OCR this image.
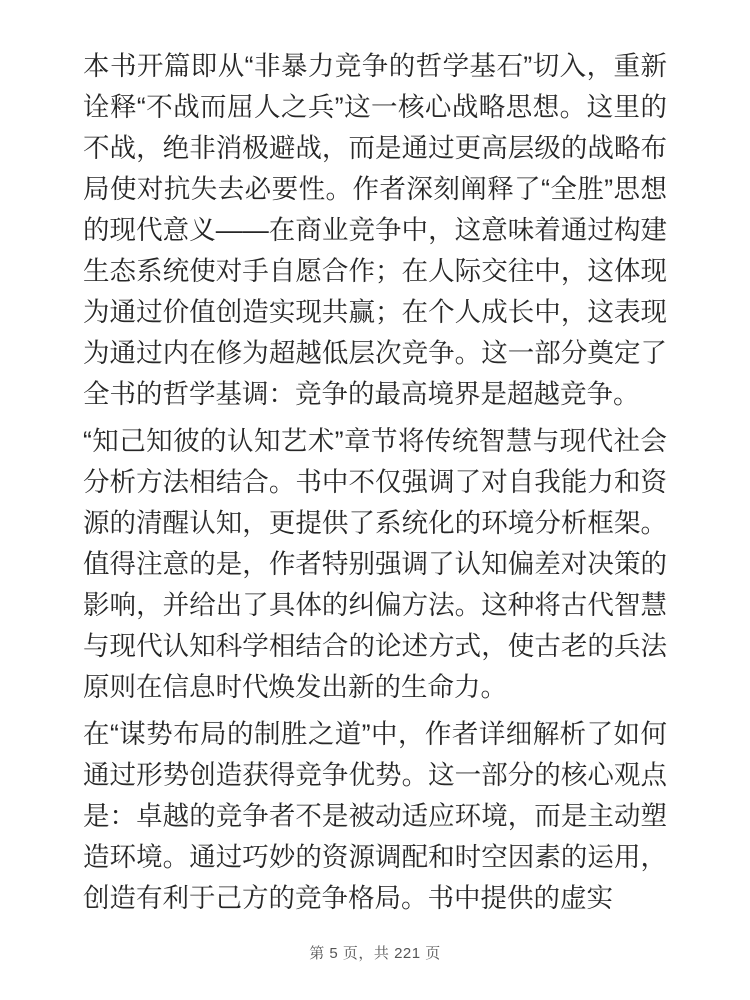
本书开篇即从“非暴力竞争的哲学基石”切入，重新诠释“不战而屈人之兵”这一核心战略思想。这里的不战，绝非消极避战，而是通过更高层级的战略布局使对抗失去必要性。作者深刻阐释了“全胜”思想的现代意义——在商业竞争中，这意味着通过构建生态系统使对手自愿合作；在人际交往中，这体现为通过价值创造实现共赢；在个人成长中，这表现为通过内在修为超越低层次竞争。这一部分奠定了全书的哲学基调：竞争的最高境界是超越竞争。

“知己知彼的认知艺术”章节将传统智慧与现代社会分析方法相结合。书中不仅强调了对自我能力和资源的清醒认知，更提供了系统化的环境分析框架。值得注意的是，作者特别强调了认知偏差对决策的影响，并给出了具体的纠偏方法。这种将古代智慧与现代认知科学相结合的论述方式，使古老的兵法原则在信息时代焕发出新的生命力。

在“谋势布局的制胜之道”中，作者详细解析了如何通过形势创造获得竞争优势。这一部分的核心观点是：卓越的竞争者不是被动适应环境，而是主动塑造环境。通过巧妙的资源调配和时空因素的运用，创造有利于己方的竞争格局。书中提供的虚实

第 5 页，共 221 页
